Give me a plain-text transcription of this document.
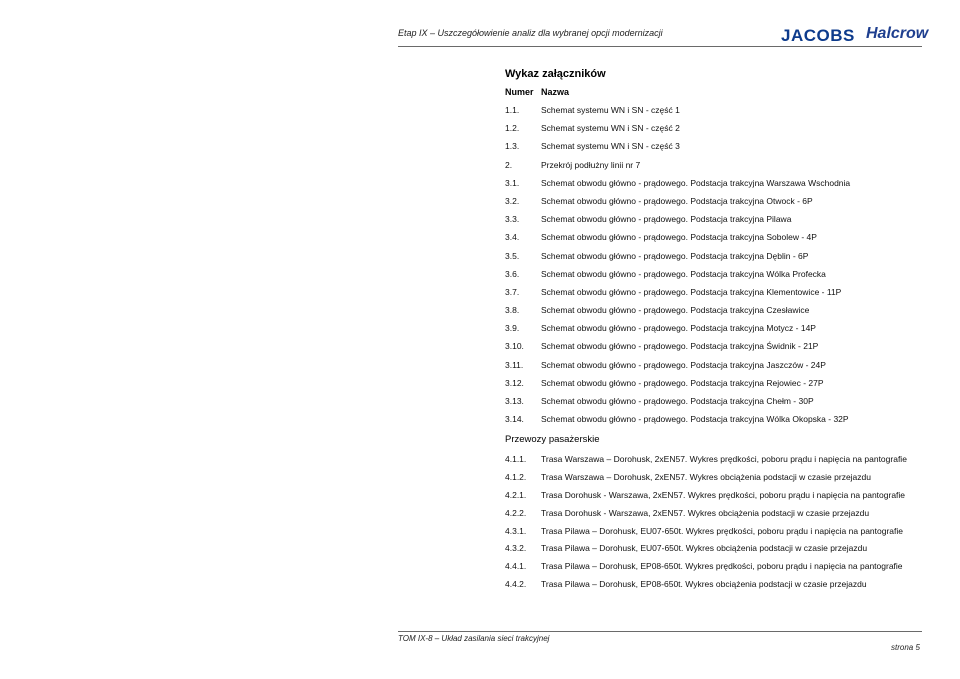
Etap IX – Uszczegółowienie analiz dla wybranej opcji modernizacji	JACOBS Halcrow
Wykaz załączników
Numer Nazwa
1.1.	Schemat systemu WN i SN - część 1
1.2.	Schemat systemu WN i SN - część 2
1.3.	Schemat systemu WN i SN - część 3
2.	Przekrój podłużny linii nr 7
3.1.	Schemat obwodu główno - prądowego. Podstacja trakcyjna Warszawa Wschodnia
3.2.	Schemat obwodu główno - prądowego. Podstacja trakcyjna Otwock - 6P
3.3.	Schemat obwodu główno - prądowego. Podstacja trakcyjna Pilawa
3.4.	Schemat obwodu główno - prądowego. Podstacja trakcyjna Sobolew - 4P
3.5.	Schemat obwodu główno - prądowego. Podstacja trakcyjna Dęblin - 6P
3.6.	Schemat obwodu główno - prądowego. Podstacja trakcyjna Wólka Profecka
3.7.	Schemat obwodu główno - prądowego. Podstacja trakcyjna Klementowice - 11P
3.8.	Schemat obwodu główno - prądowego. Podstacja trakcyjna Czesławice
3.9.	Schemat obwodu główno - prądowego. Podstacja trakcyjna Motycz - 14P
3.10. Schemat obwodu główno - prądowego. Podstacja trakcyjna Świdnik - 21P
3.11. Schemat obwodu główno - prądowego. Podstacja trakcyjna Jaszczów - 24P
3.12. Schemat obwodu główno - prądowego. Podstacja trakcyjna Rejowiec - 27P
3.13. Schemat obwodu główno - prądowego. Podstacja trakcyjna Chełm - 30P
3.14. Schemat obwodu główno - prądowego. Podstacja trakcyjna Wólka Okopska - 32P
Przewozy pasażerskie
4.1.1. Trasa Warszawa – Dorohusk, 2xEN57. Wykres prędkości, poboru prądu i napięcia na pantografie
4.1.2. Trasa Warszawa – Dorohusk, 2xEN57. Wykres obciążenia podstacji w czasie przejazdu
4.2.1. Trasa Dorohusk - Warszawa, 2xEN57. Wykres prędkości, poboru prądu i napięcia na pantografie
4.2.2. Trasa Dorohusk - Warszawa, 2xEN57. Wykres obciążenia podstacji w czasie przejazdu
4.3.1. Trasa Pilawa – Dorohusk, EU07-650t. Wykres prędkości, poboru prądu i napięcia na pantografie
4.3.2. Trasa Pilawa – Dorohusk, EU07-650t. Wykres obciążenia podstacji w czasie przejazdu
4.4.1. Trasa Pilawa – Dorohusk, EP08-650t. Wykres prędkości, poboru prądu i napięcia na pantografie
4.4.2. Trasa Pilawa – Dorohusk, EP08-650t. Wykres obciążenia podstacji w czasie przejazdu
TOM IX-8 – Układ zasilania sieci trakcyjnej
strona 5
